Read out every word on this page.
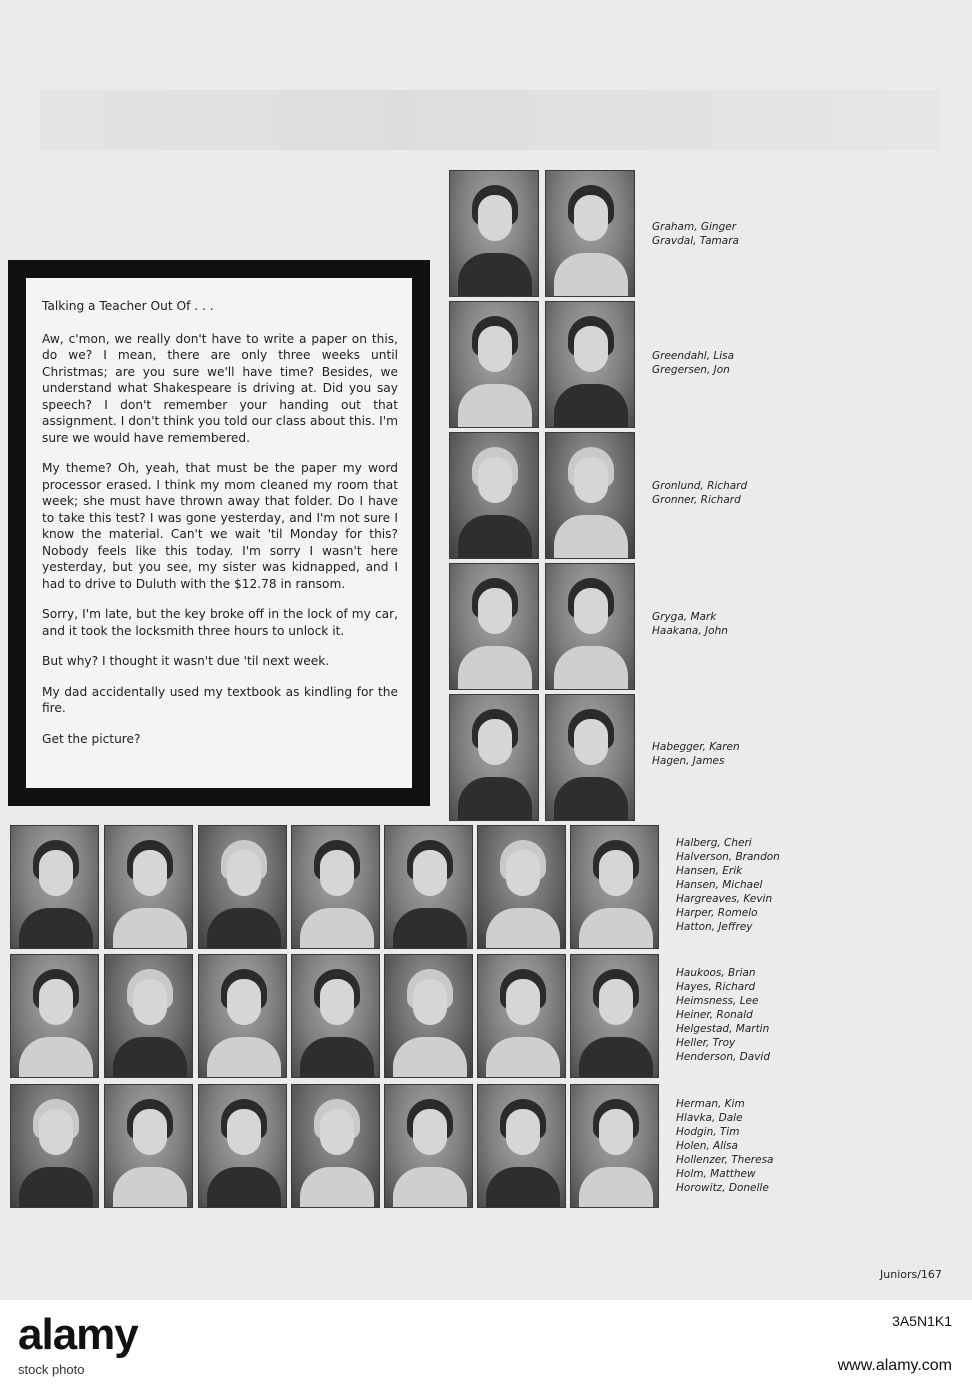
Talking a Teacher Out Of . . .

Aw, c'mon, we really don't have to write a paper on this, do we? I mean, there are only three weeks until Christmas; are you sure we'll have time? Besides, we understand what Shakespeare is driving at. Did you say speech? I don't remember your handing out that assignment. I don't think you told our class about this. I'm sure we would have remembered.

My theme? Oh, yeah, that must be the paper my word processor erased. I think my mom cleaned my room that week; she must have thrown away that folder. Do I have to take this test? I was gone yesterday, and I'm not sure I know the material. Can't we wait 'til Monday for this? Nobody feels like this today. I'm sorry I wasn't here yesterday, but you see, my sister was kidnapped, and I had to drive to Duluth with the $12.78 in ransom.

Sorry, I'm late, but the key broke off in the lock of my car, and it took the locksmith three hours to unlock it.

But why? I thought it wasn't due 'til next week.

My dad accidentally used my textbook as kindling for the fire.

Get the picture?

Graham, Ginger
Gravdal, Tamara
Greendahl, Lisa
Gregersen, Jon
Gronlund, Richard
Gronner, Richard
Gryga, Mark
Haakana, John
Habegger, Karen
Hagen, James
Halberg, Cheri
Halverson, Brandon
Hansen, Erik
Hansen, Michael
Hargreaves, Kevin
Harper, Romelo
Hatton, Jeffrey
Haukoos, Brian
Hayes, Richard
Heimsness, Lee
Heiner, Ronald
Helgestad, Martin
Heller, Troy
Henderson, David
Herman, Kim
Hlavka, Dale
Hodgin, Tim
Holen, Alisa
Hollenzer, Theresa
Holm, Matthew
Horowitz, Donelle
Juniors/167
alamy
stock photo
3A5N1K1
www.alamy.com
